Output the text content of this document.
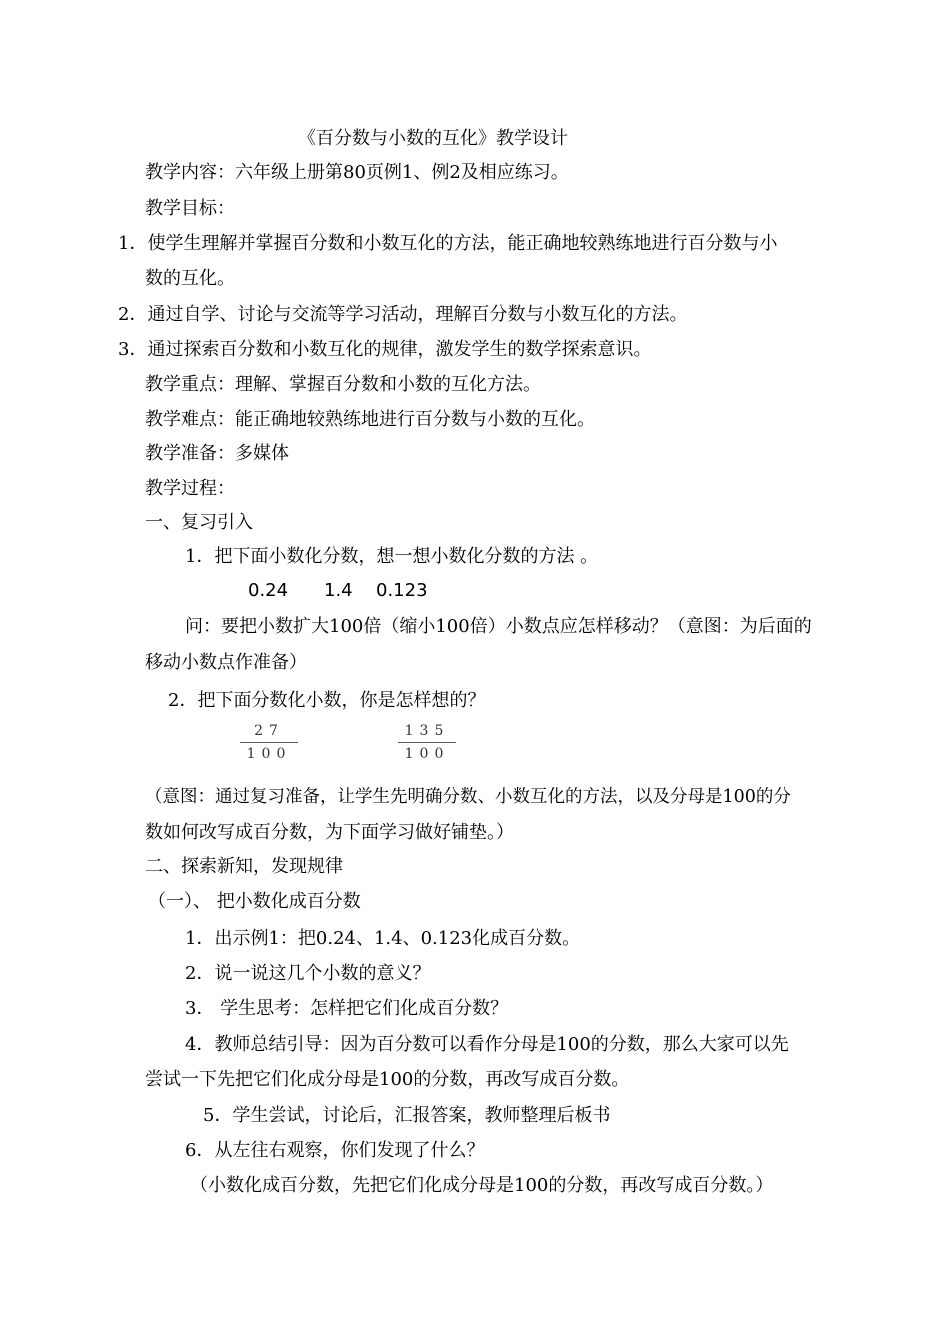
《百分数与小数的互化》教学设计
教学内容：六年级上册第80页例1、例2及相应练习。
教学目标：
1．使学生理解并掌握百分数和小数互化的方法，能正确地较熟练地进行百分数与小
数的互化。
2．通过自学、讨论与交流等学习活动，理解百分数与小数互化的方法。
3．通过探索百分数和小数互化的规律，激发学生的数学探索意识。
教学重点：理解、掌握百分数和小数的互化方法。
教学难点：能正确地较熟练地进行百分数与小数的互化。
教学准备：多媒体
教学过程：
一、复习引入
1．把下面小数化分数，想一想小数化分数的方法 。
0.24 1.4 0.123
问：要把小数扩大100倍（缩小100倍）小数点应怎样移动？（意图：为后面的
移动小数点作准备）
2．把下面分数化小数，你是怎样想的？
27
100
135
100
（意图：通过复习准备，让学生先明确分数、小数互化的方法，以及分母是100的分
数如何改写成百分数，为下面学习做好铺垫。）
二、探索新知，发现规律
（一）、 把小数化成百分数
1．出示例1：把0.24、1.4、0.123化成百分数。
2．说一说这几个小数的意义？
3． 学生思考：怎样把它们化成百分数？
4．教师总结引导：因为百分数可以看作分母是100的分数，那么大家可以先
尝试一下先把它们化成分母是100的分数，再改写成百分数。
5．学生尝试，讨论后，汇报答案，教师整理后板书
6．从左往右观察，你们发现了什么？
（小数化成百分数，先把它们化成分母是100的分数，再改写成百分数。）
